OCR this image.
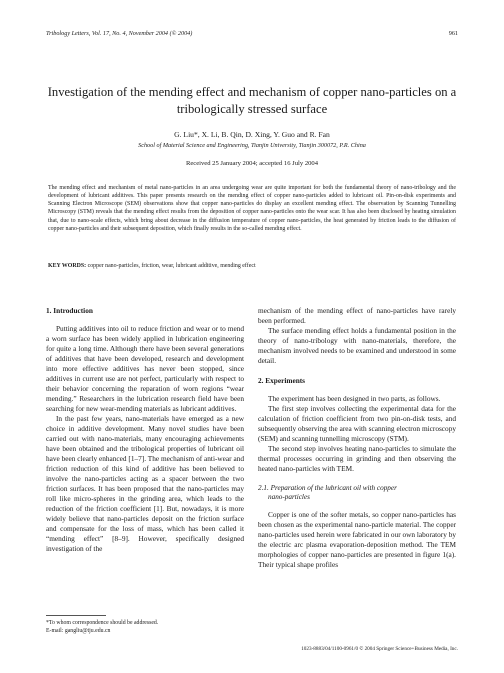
Tribology Letters, Vol. 17, No. 4, November 2004 (© 2004)	961
Investigation of the mending effect and mechanism of copper nano-particles on a tribologically stressed surface
G. Liu*, X. Li, B. Qin, D. Xing, Y. Guo and R. Fan
School of Material Science and Engineering, Tianjin University, Tianjin 300072, P.R. China
Received 25 January 2004; accepted 16 July 2004
The mending effect and mechanism of metal nano-particles in an area undergoing wear are quite important for both the fundamental theory of nano-tribology and the development of lubricant additives. This paper presents research on the mending effect of copper nano-particles added to lubricant oil. Pin-on-disk experiments and Scanning Electron Microscope (SEM) observations show that copper nano-particles do display an excellent mending effect. The observation by Scanning Tunnelling Microscopy (STM) reveals that the mending effect results from the deposition of copper nano-particles onto the wear scar. It has also been disclosed by heating simulation that, due to nano-scale effects, which bring about decrease in the diffusion temperature of copper nano-particles, the heat generated by friction leads to the diffusion of copper nano-particles and their subsequent deposition, which finally results in the so-called mending effect.
KEY WORDS: copper nano-particles, friction, wear, lubricant additive, mending effect
1. Introduction

Putting additives into oil to reduce friction and wear or to mend a worn surface has been widely applied in lubrication engineering for quite a long time. Although there have been several generations of additives that have been developed, research and development into more effective additives has never been stopped, since additives in current use are not perfect, particularly with respect to their behavior concerning the reparation of worn regions “wear mending.” Researchers in the lubrication research field have been searching for new wear-mending materials as lubricant additives.

In the past few years, nano-materials have emerged as a new choice in additive development. Many novel studies have been carried out with nano-materials, many encouraging achievements have been obtained and the tribological properties of lubricant oil have been clearly enhanced [1–7]. The mechanism of anti-wear and friction reduction of this kind of additive has been believed to involve the nano-particles acting as a spacer between the two friction surfaces. It has been proposed that the nano-particles may roll like micro-spheres in the grinding area, which leads to the reduction of the friction coefficient [1]. But, nowadays, it is more widely believe that nano-particles deposit on the friction surface and compensate for the loss of mass, which has been called it “mending effect” [8–9]. However, specifically designed investigation of the

mechanism of the mending effect of nano-particles have rarely been performed.

The surface mending effect holds a fundamental position in the theory of nano-tribology with nano-materials, therefore, the mechanism involved needs to be examined and understood in some detail.

2. Experiments

The experiment has been designed in two parts, as follows.

The first step involves collecting the experimental data for the calculation of friction coefficient from two pin-on-disk tests, and subsequently observing the area with scanning electron microscopy (SEM) and scanning tunnelling microscopy (STM).

The second step involves heating nano-particles to simulate the thermal processes occurring in grinding and then observing the heated nano-particles with TEM.

2.1. Preparation of the lubricant oil with copper
nano-particles

Copper is one of the softer metals, so copper nano-particles has been chosen as the experimental nano-particle material. The copper nano-particles used herein were fabricated in our own laboratory by the electric arc plasma evaporation-deposition method. The TEM morphologies of copper nano-particles are presented in figure 1(a). Their typical shape profiles

*To whom correspondence should be addressed.
E-mail: gangliu@tju.edu.cn
1023-8883/04/1100-0961/0 © 2004 Springer Science+Business Media, Inc.
